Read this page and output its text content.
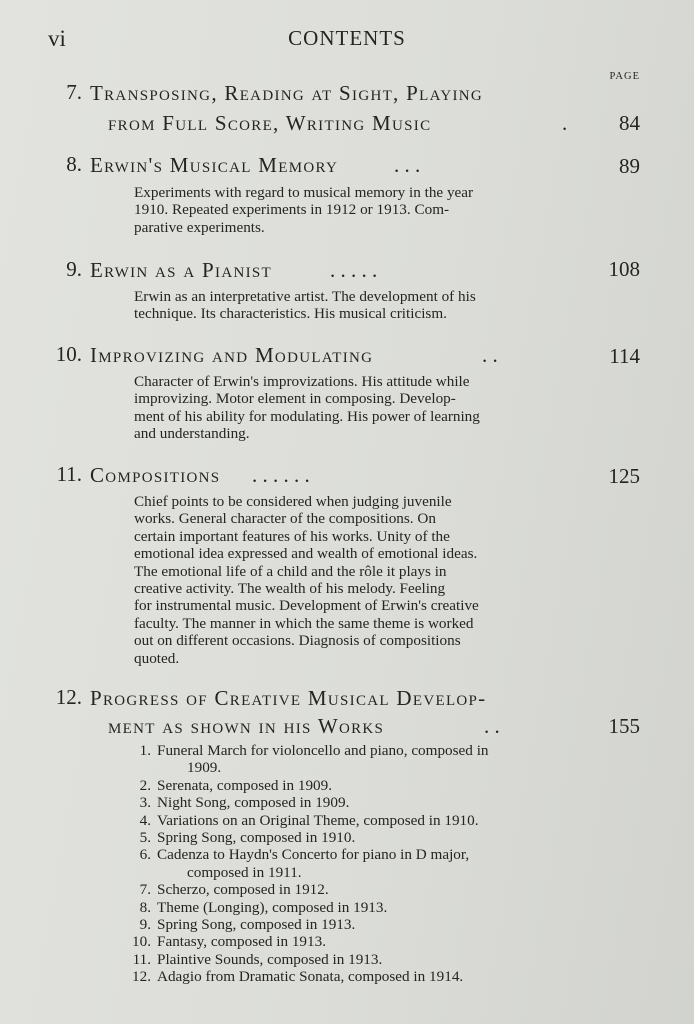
vi	CONTENTS
PAGE
7. Transposing, Reading at Sight, Playing
from Full Score, Writing Music	. 84
8. Erwin's Musical Memory	. . .	89
Experiments with regard to musical memory in the year
1910. Repeated experiments in 1912 or 1913. Com-
parative experiments.
9. Erwin as a Pianist	. . . . .	108
Erwin as an interpretative artist. The development of his
technique. Its characteristics. His musical criticism.
10. Improvizing and Modulating	. .	114
Character of Erwin's improvizations. His attitude while
improvizing. Motor element in composing. Develop-
ment of his ability for modulating. His power of learning
and understanding.
11. Compositions . . . . . .	125
Chief points to be considered when judging juvenile
works. General character of the compositions. On
certain important features of his works. Unity of the
emotional idea expressed and wealth of emotional ideas.
The emotional life of a child and the rôle it plays in
creative activity. The wealth of his melody. Feeling
for instrumental music. Development of Erwin's creative
faculty. The manner in which the same theme is worked
out on different occasions. Diagnosis of compositions
quoted.
12. Progress of Creative Musical Develop-
ment as shown in his Works	. .	155
1. Funeral March for violoncello and piano, composed in
1909.
2. Serenata, composed in 1909.
3. Night Song, composed in 1909.
4. Variations on an Original Theme, composed in 1910.
5. Spring Song, composed in 1910.
6. Cadenza to Haydn's Concerto for piano in D major,
composed in 1911.
7. Scherzo, composed in 1912.
8. Theme (Longing), composed in 1913.
9. Spring Song, composed in 1913.
10. Fantasy, composed in 1913.
11. Plaintive Sounds, composed in 1913.
12. Adagio from Dramatic Sonata, composed in 1914.
